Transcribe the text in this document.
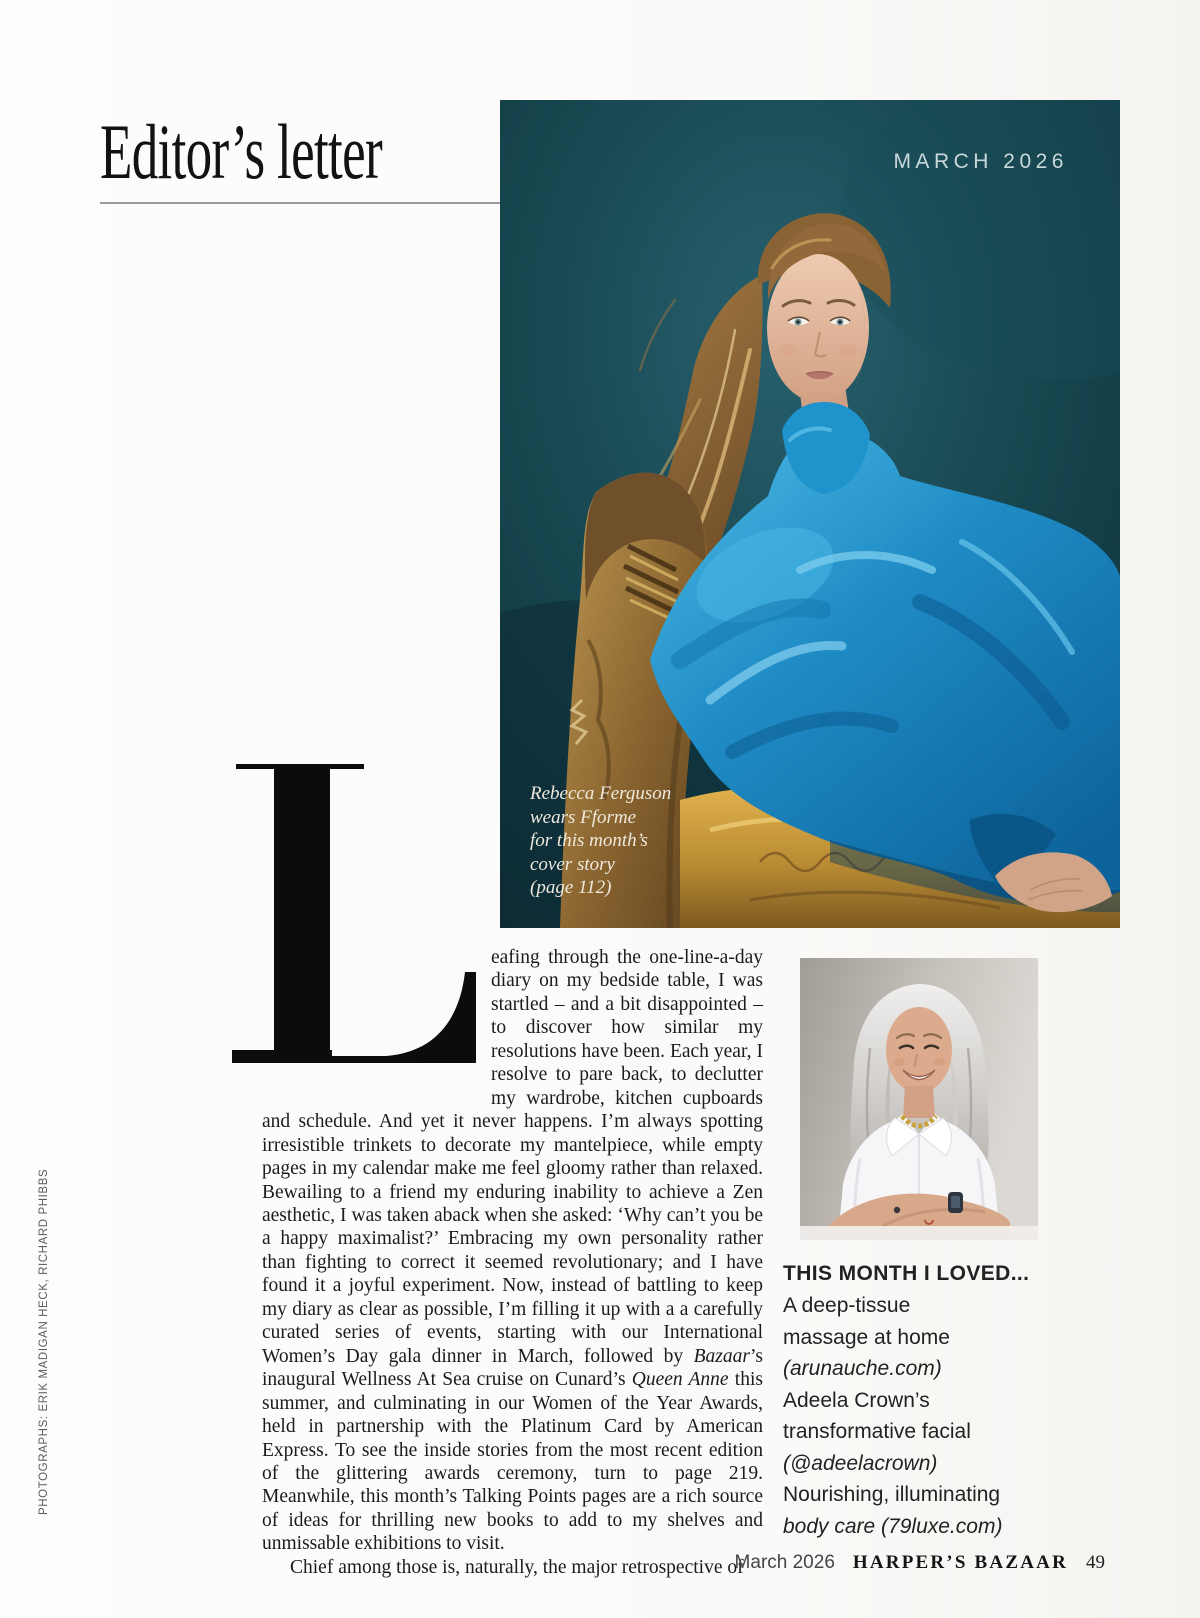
PHOTOGRAPHS: ERIK MADIGAN HECK, RICHARD PHIBBS
Editor’s letter	MARCH 2026
Rebecca Ferguson
wears Fforme
for this month’s
cover story
(page 112)

eafing through the one-line-a-day diary on my bedside table, I was startled – and a bit disappointed – to discover how similar my resolutions have been. Each year, I resolve to pare back, to declutter my wardrobe, kitchen cupboards and schedule. And yet it never happens. I’m always spotting irresistible trinkets to decorate my mantelpiece, while empty pages in my calendar make me feel gloomy rather than relaxed. Bewailing to a friend my enduring inability to achieve a Zen aesthetic, I was taken aback when she asked: ‘Why can’t you be a happy maximalist?’ Embracing my own personality rather than fighting to correct it seemed revolutionary; and I have found it a joyful experiment. Now, instead of battling to keep my diary as clear as possible, I’m filling it up with a a carefully curated series of events, starting with our International Women’s Day gala dinner in March, followed by Bazaar’s inaugural Wellness At Sea cruise on Cunard’s Queen Anne this summer, and culminating in our Women of the Year Awards, held in partnership with the Platinum Card by American Express. To see the inside stories from the most recent edition of the glittering awards ceremony, turn to page 219. Meanwhile, this month’s Talking Points pages are a rich source of ideas for thrilling new books to add to my shelves and unmissable exhibitions to visit.

Chief among those is, naturally, the major retrospective of

THIS MONTH I LOVED...
A deep-tissue
massage at home
(arunauche.com)
Adeela Crown’s
transformative facial
(@adeelacrown)
Nourishing, illuminating
body care (79luxe.com)
March 2026 HARPER’S BAZAAR 49
